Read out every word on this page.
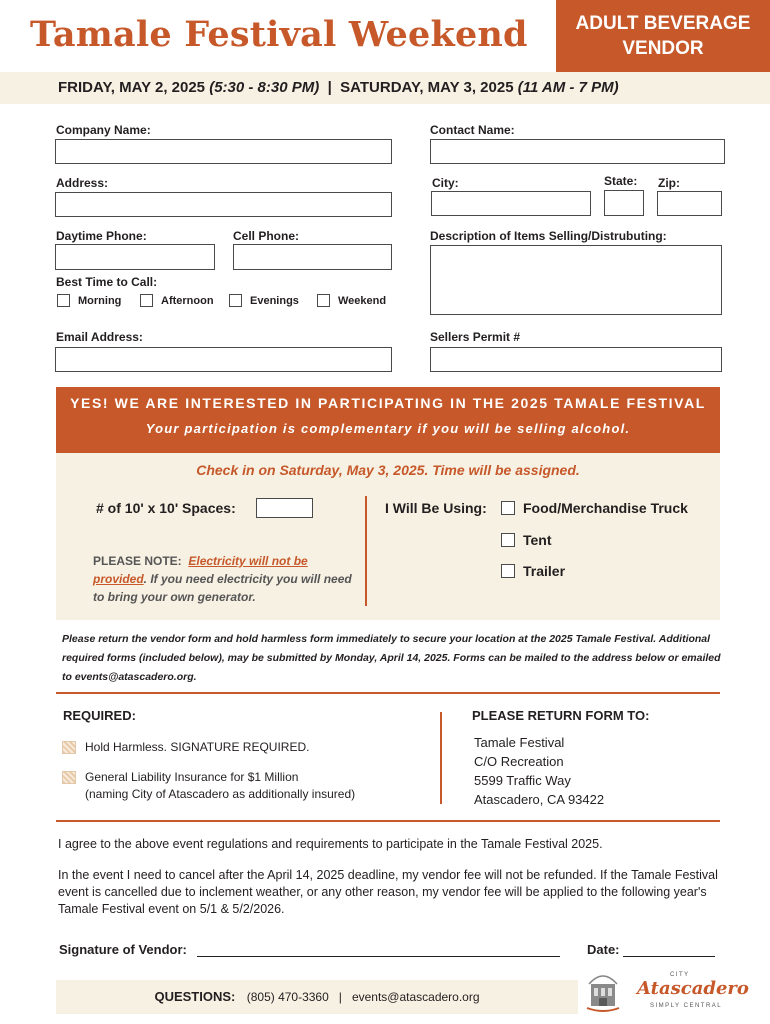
Tamale Festival Weekend	ADULT BEVERAGE
VENDOR
FRIDAY, MAY 2, 2025 (5:30 - 8:30 PM) | SATURDAY, MAY 3, 2025 (11 AM - 7 PM)
Company Name:	Contact Name:
Address:	City:	State: Zip:
Daytime Phone:	Cell Phone:	Description of Items Selling/Distrubuting:
Best Time to Call:
Morning	Afternoon	Evenings	Weekend
Email Address:	Sellers Permit #
YES! WE ARE INTERESTED IN PARTICIPATING IN THE 2025 TAMALE FESTIVAL
Your participation is complementary if you will be selling alcohol.
Check in on Saturday, May 3, 2025. Time will be assigned.
# of 10' x 10' Spaces:	I Will Be Using:	Food/Merchandise Truck
Tent
Trailer
PLEASE NOTE: Electricity will not be provided. If you need electricity you will need to bring your own generator.
Please return the vendor form and hold harmless form immediately to secure your location at the 2025 Tamale Festival. Additional required forms (included below), may be submitted by Monday, April 14, 2025. Forms can be mailed to the address below or emailed to events@atascadero.org.
REQUIRED:
Hold Harmless. SIGNATURE REQUIRED.
General Liability Insurance for $1 Million
(naming City of Atascadero as additionally insured)
PLEASE RETURN FORM TO:
Tamale Festival
C/O Recreation
5599 Traffic Way
Atascadero, CA 93422
I agree to the above event regulations and requirements to participate in the Tamale Festival 2025.
In the event I need to cancel after the April 14, 2025 deadline, my vendor fee will not be refunded. If the Tamale Festival event is cancelled due to inclement weather, or any other reason, my vendor fee will be applied to the following year's Tamale Festival event on 5/1 & 5/2/2026.
Signature of Vendor:	Date:
QUESTIONS: (805) 470-3360 | events@atascadero.org
CITY
Atascadero
SIMPLY CENTRAL
